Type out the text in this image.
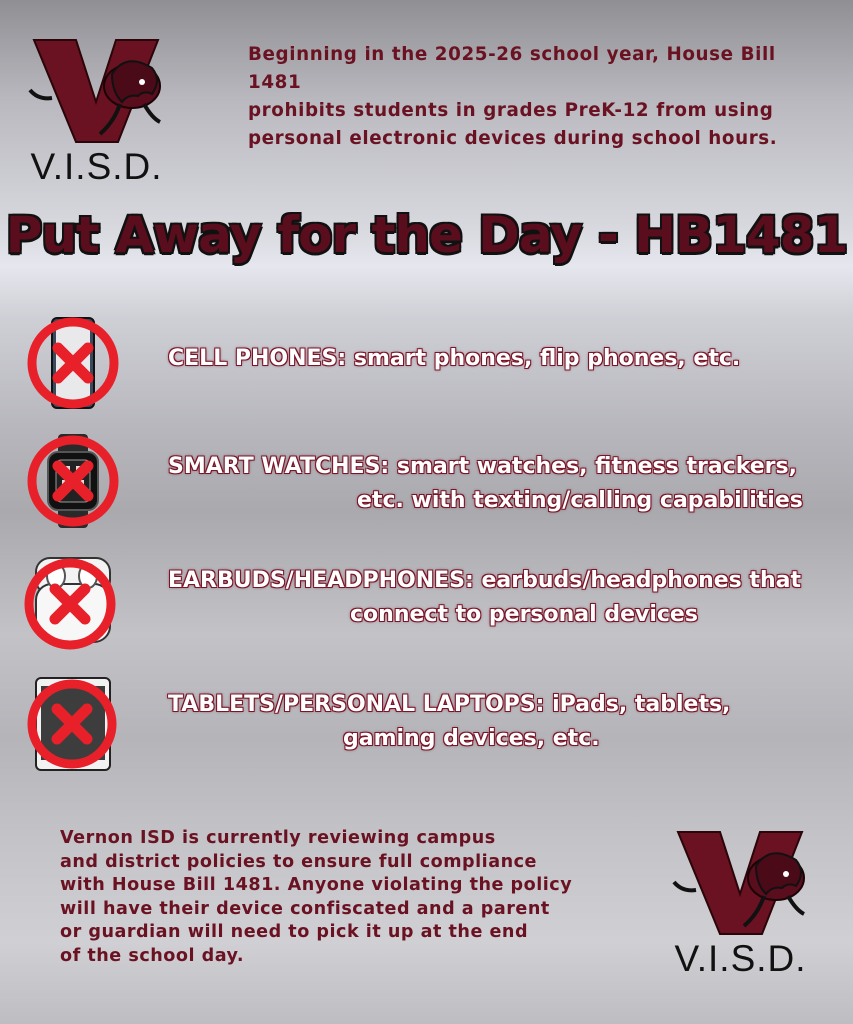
V.I.S.D.
Beginning in the 2025-26 school year, House Bill 1481
prohibits students in grades PreK-12 from using
personal electronic devices during school hours.
Put Away for the Day - HB1481
CELL PHONES: smart phones, flip phones, etc.
SMART WATCHES: smart watches, fitness trackers,
etc. with texting/calling capabilities
EARBUDS/HEADPHONES: earbuds/headphones that
connect to personal devices
TABLETS/PERSONAL LAPTOPS: iPads, tablets,
gaming devices, etc.
Vernon ISD is currently reviewing campus
and district policies to ensure full compliance
with House Bill 1481. Anyone violating the policy
will have their device confiscated and a parent
or guardian will need to pick it up at the end
of the school day.	V.I.S.D.
